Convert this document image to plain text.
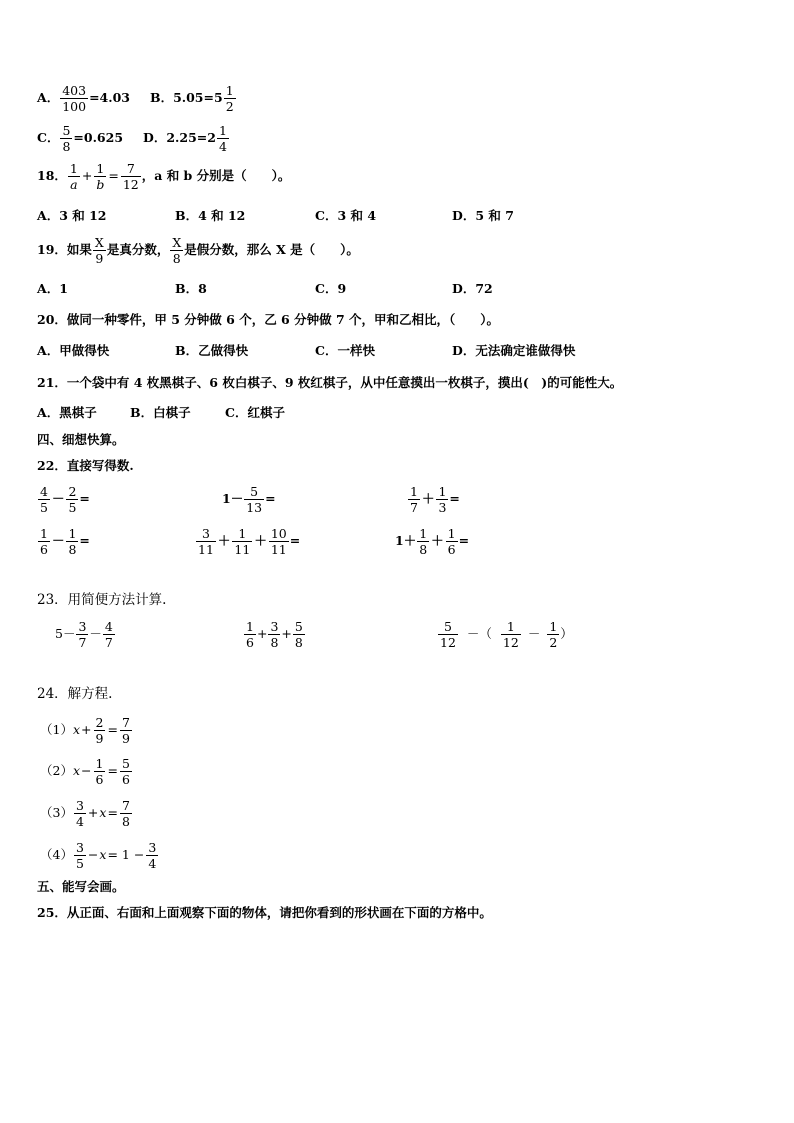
A． $\frac{403}{100} =4.03$ B．$5.05=5 \frac{1}{2}$
C． $\frac{5}{8} =0.625$ D．$2.25=2 \frac{1}{4}$
18． $\frac{1}{a} + \frac{1}{b} = \frac{7}{12}$ ，a 和 b 分别是（　　）。
A．3 和 12	B．4 和 12	C．3 和 4	D．5 和 7
19．如果 $\frac{X}{9}$ 是真分数， $\frac{X}{8}$ 是假分数，那么 X 是（　　）。
A．1	B．8	C．9	D．72
20．做同一种零件，甲 5 分钟做 6 个，乙 6 分钟做 7 个，甲和乙相比，（　　）。
A．甲做得快	B．乙做得快	C．一样快	D．无法确定谁做得快
21．一个袋中有 4 枚黑棋子、6 枚白棋子、9 枚红棋子，从中任意摸出一枚棋子，摸出(　)的可能性大。
A．黑棋子	B．白棋子	C．红棋子
四、细想快算。
22．直接写得数.
$\frac{4}{5} - \frac{2}{5}$ =	$1- \frac{5}{13}$ =	$\frac{1}{7} + \frac{1}{3}$ =
$\frac{1}{6} - \frac{1}{8}$ =	$\frac{3}{11} + \frac{1}{11} + \frac{10}{11}$ =	$1+ \frac{1}{8} + \frac{1}{6}$ =
23．用简便方法计算.
$5- \frac{3}{7} - \frac{4}{7}$	$\frac{1}{6} + \frac{3}{8} + \frac{5}{8}$	$\frac{5}{12}$ －（ $\frac{1}{12} - \frac{1}{2}$ ）
24．解方程.
$(1)x+ \frac{2}{9} = \frac{7}{9}$
$(2)x- \frac{1}{6} = \frac{5}{6}$
$(3) \frac{3}{4} +x= \frac{7}{8}$
$(4) \frac{3}{5} -x= 1 - \frac{3}{4}$
五、能写会画。
25．从正面、右面和上面观察下面的物体，请把你看到的形状画在下面的方格中。
